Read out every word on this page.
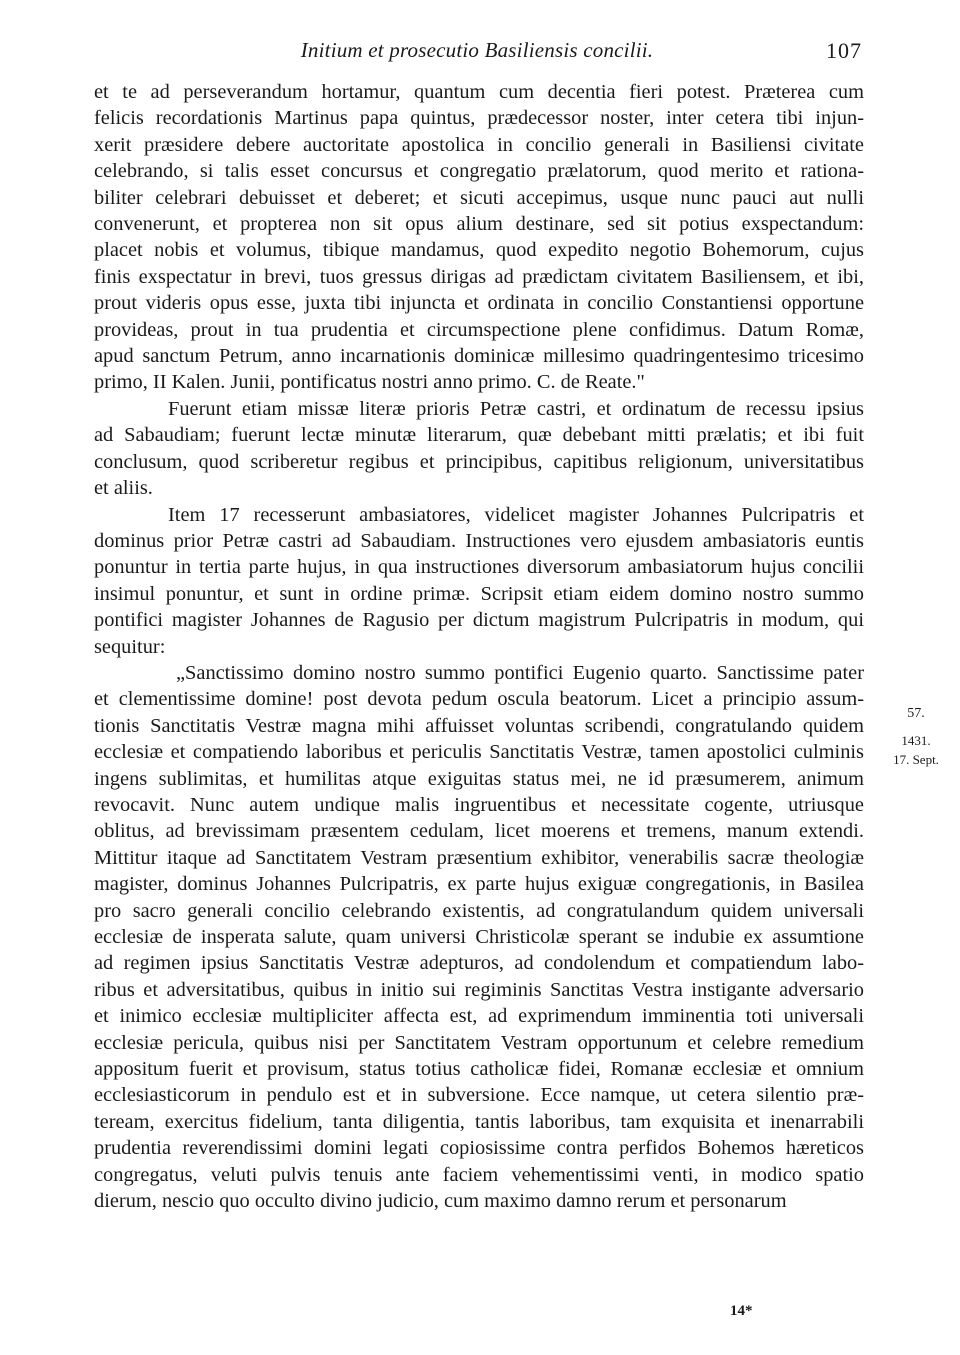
Initium et prosecutio Basiliensis concilii.	107
et te ad perseverandum hortamur, quantum cum decentia fieri potest. Præterea cum
felicis recordationis Martinus papa quintus, prædecessor noster, inter cetera tibi injun-
xerit præsidere debere auctoritate apostolica in concilio generali in Basiliensi civitate
celebrando, si talis esset concursus et congregatio prælatorum, quod merito et rationa-
biliter celebrari debuisset et deberet; et sicuti accepimus, usque nunc pauci aut nulli
convenerunt, et propterea non sit opus alium destinare, sed sit potius exspectandum:
placet nobis et volumus, tibique mandamus, quod expedito negotio Bohemorum, cujus
finis exspectatur in brevi, tuos gressus dirigas ad prædictam civitatem Basiliensem, et ibi,
prout videris opus esse, juxta tibi injuncta et ordinata in concilio Constantiensi opportune
provideas, prout in tua prudentia et circumspectione plene confidimus. Datum Romæ,
apud sanctum Petrum, anno incarnationis dominicæ millesimo quadringentesimo tricesimo
primo, II Kalen. Junii, pontificatus nostri anno primo. C. de Reate."
Fuerunt etiam missæ literæ prioris Petræ castri, et ordinatum de recessu ipsius
ad Sabaudiam; fuerunt lectæ minutæ literarum, quæ debebant mitti prælatis; et ibi fuit
conclusum, quod scriberetur regibus et principibus, capitibus religionum, universitatibus
et aliis.
Item 17 recesserunt ambasiatores, videlicet magister Johannes Pulcripatris et
dominus prior Petræ castri ad Sabaudiam. Instructiones vero ejusdem ambasiatoris euntis
ponuntur in tertia parte hujus, in qua instructiones diversorum ambasiatorum hujus concilii
insimul ponuntur, et sunt in ordine primæ. Scripsit etiam eidem domino nostro summo
pontifici magister Johannes de Ragusio per dictum magistrum Pulcripatris in modum, qui
sequitur:
„Sanctissimo domino nostro summo pontifici Eugenio quarto. Sanctissime pater
et clementissime domine! post devota pedum oscula beatorum. Licet a principio assum-
tionis Sanctitatis Vestræ magna mihi affuisset voluntas scribendi, congratulando quidem
ecclesiæ et compatiendo laboribus et periculis Sanctitatis Vestræ, tamen apostolici culminis
ingens sublimitas, et humilitas atque exiguitas status mei, ne id præsumerem, animum
revocavit. Nunc autem undique malis ingruentibus et necessitate cogente, utriusque
oblitus, ad brevissimam præsentem cedulam, licet moerens et tremens, manum extendi.
Mittitur itaque ad Sanctitatem Vestram præsentium exhibitor, venerabilis sacræ theologiæ
magister, dominus Johannes Pulcripatris, ex parte hujus exiguæ congregationis, in Basilea
pro sacro generali concilio celebrando existentis, ad congratulandum quidem universali
ecclesiæ de insperata salute, quam universi Christicolæ sperant se indubie ex assumtione
ad regimen ipsius Sanctitatis Vestræ adepturos, ad condolendum et compatiendum labo-
ribus et adversitatibus, quibus in initio sui regiminis Sanctitas Vestra instigante adversario
et inimico ecclesiæ multipliciter affecta est, ad exprimendum imminentia toti universali
ecclesiæ pericula, quibus nisi per Sanctitatem Vestram opportunum et celebre remedium
appositum fuerit et provisum, status totius catholicæ fidei, Romanæ ecclesiæ et omnium
ecclesiasticorum in pendulo est et in subversione. Ecce namque, ut cetera silentio præ-
teream, exercitus fidelium, tanta diligentia, tantis laboribus, tam exquisita et inenarrabili
prudentia reverendissimi domini legati copiosissime contra perfidos Bohemos hæreticos
congregatus, veluti pulvis tenuis ante faciem vehementissimi venti, in modico spatio
dierum, nescio quo occulto divino judicio, cum maximo damno rerum et personarum
57.
1431.
17. Sept.
14*
